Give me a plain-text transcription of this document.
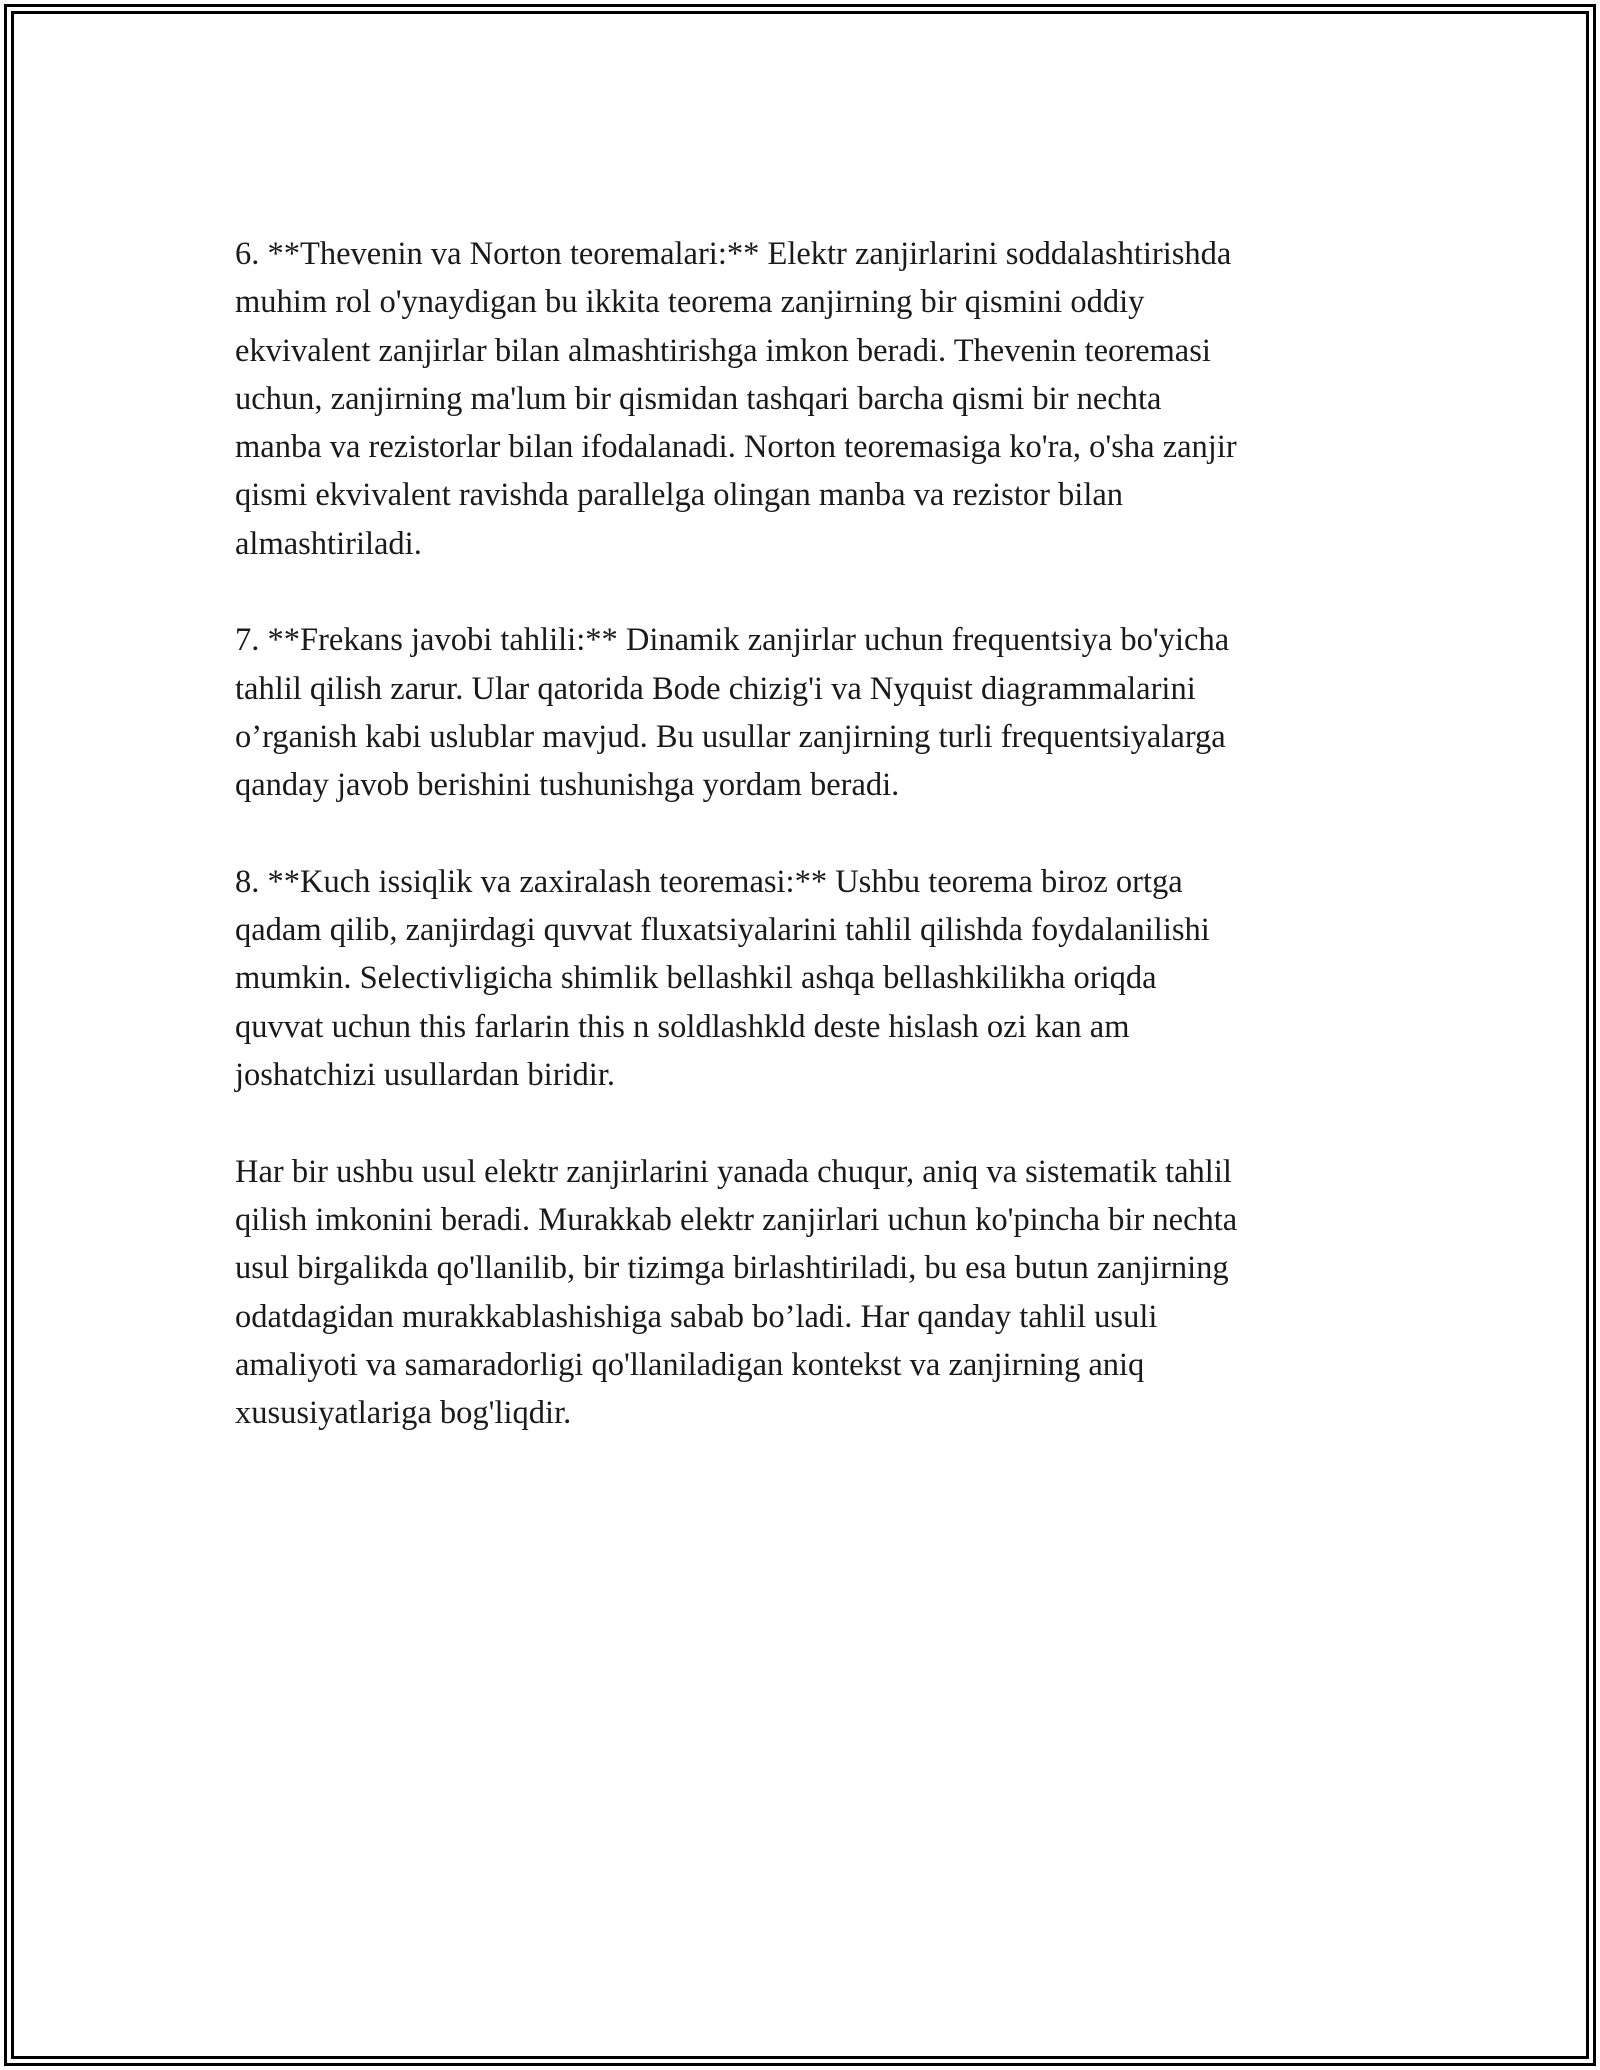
6. **Thevenin va Norton teoremalari:** Elektr zanjirlarini soddalashtirishda
muhim rol o'ynaydigan bu ikkita teorema zanjirning bir qismini oddiy
ekvivalent zanjirlar bilan almashtirishga imkon beradi. Thevenin teoremasi
uchun, zanjirning ma'lum bir qismidan tashqari barcha qismi bir nechta
manba va rezistorlar bilan ifodalanadi. Norton teoremasiga ko'ra, o'sha zanjir
qismi ekvivalent ravishda parallelga olingan manba va rezistor bilan
almashtiriladi.

7. **Frekans javobi tahlili:** Dinamik zanjirlar uchun frequentsiya bo'yicha
tahlil qilish zarur. Ular qatorida Bode chizig'i va Nyquist diagrammalarini
o’rganish kabi uslublar mavjud. Bu usullar zanjirning turli frequentsiyalarga
qanday javob berishini tushunishga yordam beradi.

8. **Kuch issiqlik va zaxiralash teoremasi:** Ushbu teorema biroz ortga
qadam qilib, zanjirdagi quvvat fluxatsiyalarini tahlil qilishda foydalanilishi
mumkin. Selectivligicha shimlik bellashkil ashqa bellashkilikha oriqda
quvvat uchun this farlarin this n soldlashkld deste hislash ozi kan am
joshatchizi usullardan biridir.

Har bir ushbu usul elektr zanjirlarini yanada chuqur, aniq va sistematik tahlil
qilish imkonini beradi. Murakkab elektr zanjirlari uchun ko'pincha bir nechta
usul birgalikda qo'llanilib, bir tizimga birlashtiriladi, bu esa butun zanjirning
odatdagidan murakkablashishiga sabab bo’ladi. Har qanday tahlil usuli
amaliyoti va samaradorligi qo'llaniladigan kontekst va zanjirning aniq
xususiyatlariga bog'liqdir.
